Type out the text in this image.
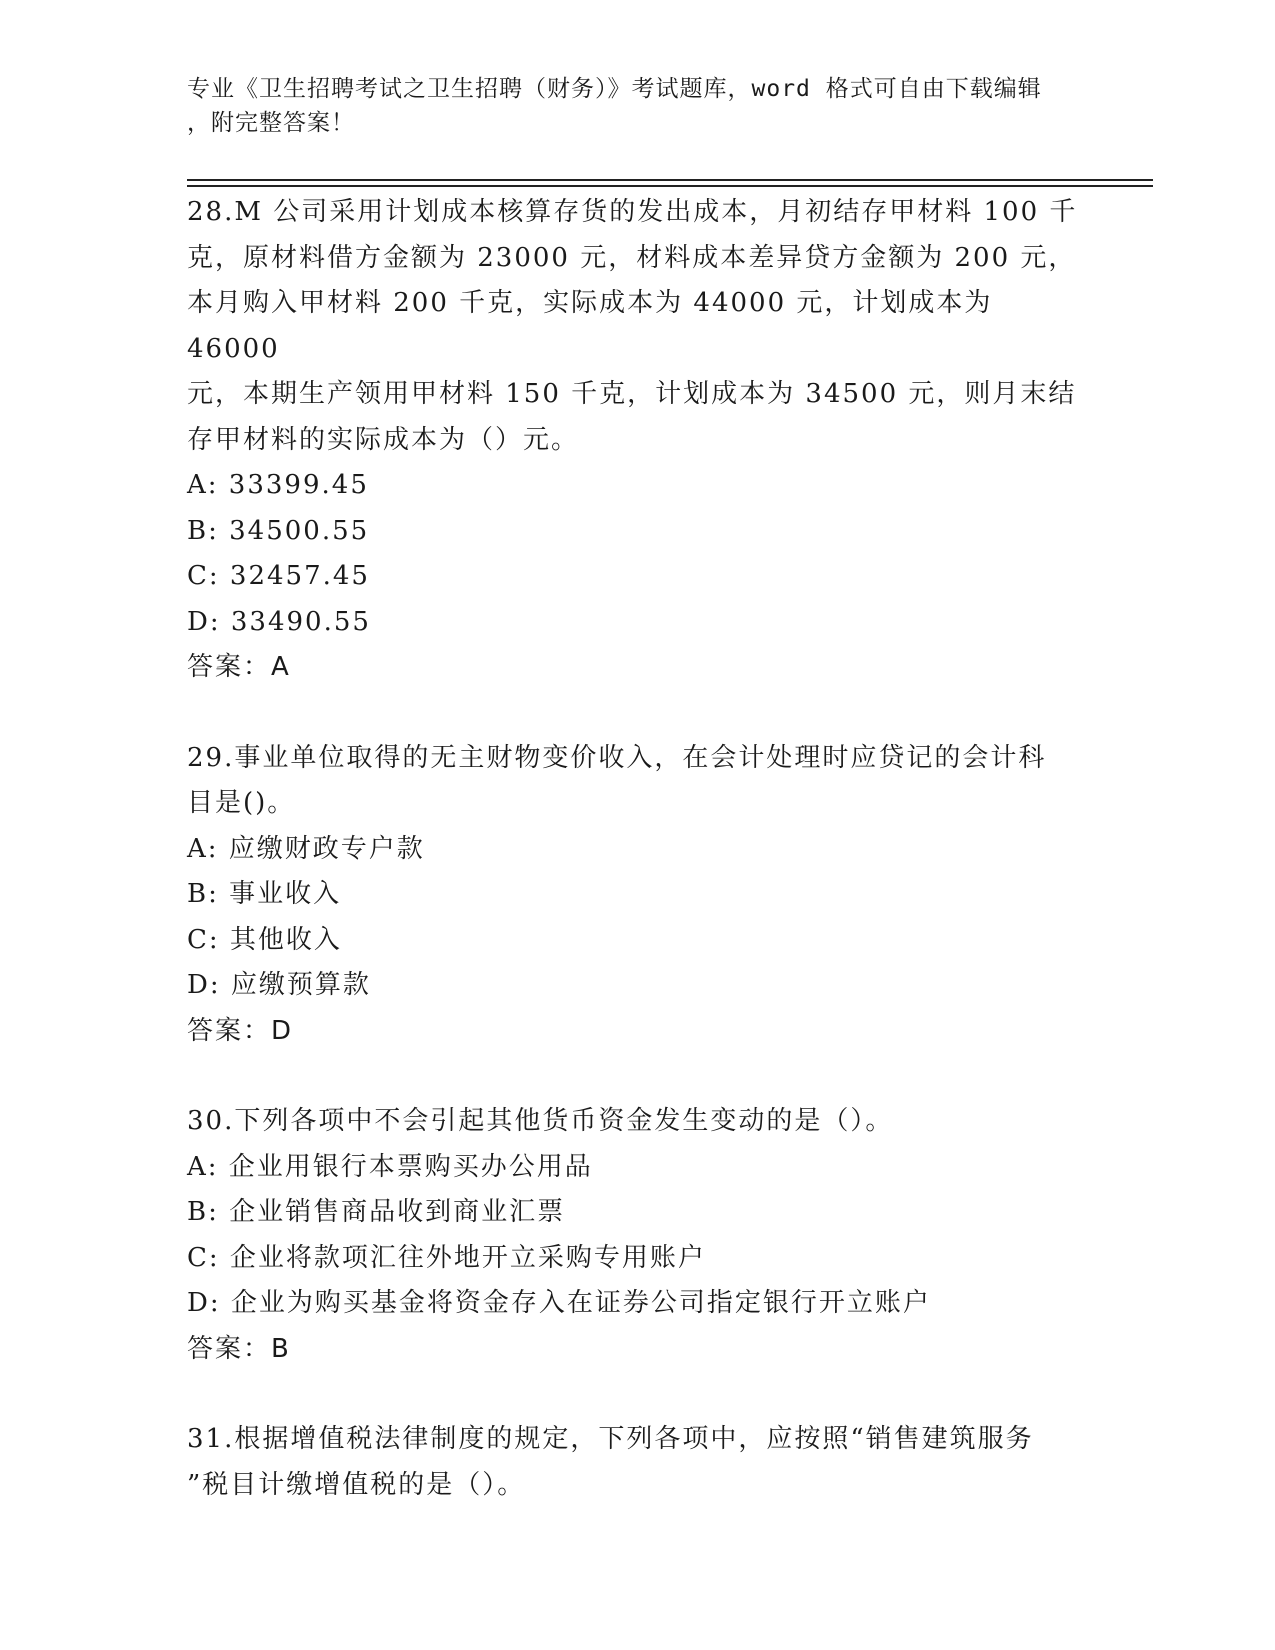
专业《卫生招聘考试之卫生招聘（财务）》考试题库，word 格式可自由下载编辑
，附完整答案！
28.M 公司采用计划成本核算存货的发出成本，月初结存甲材料 100 千
克，原材料借方金额为 23000 元，材料成本差异贷方金额为 200 元，
本月购入甲材料 200 千克，实际成本为 44000 元，计划成本为 46000
元，本期生产领用甲材料 150 千克，计划成本为 34500 元，则月末结
存甲材料的实际成本为（）元。
A: 33399.45
B: 34500.55
C: 32457.45
D: 33490.55
答案：A
29.事业单位取得的无主财物变价收入，在会计处理时应贷记的会计科
目是()。
A: 应缴财政专户款
B: 事业收入
C: 其他收入
D: 应缴预算款
答案：D
30.下列各项中不会引起其他货币资金发生变动的是（）。
A: 企业用银行本票购买办公用品
B: 企业销售商品收到商业汇票
C: 企业将款项汇往外地开立采购专用账户
D: 企业为购买基金将资金存入在证券公司指定银行开立账户
答案：B
31.根据增值税法律制度的规定，下列各项中，应按照“销售建筑服务
”税目计缴增值税的是（）。
